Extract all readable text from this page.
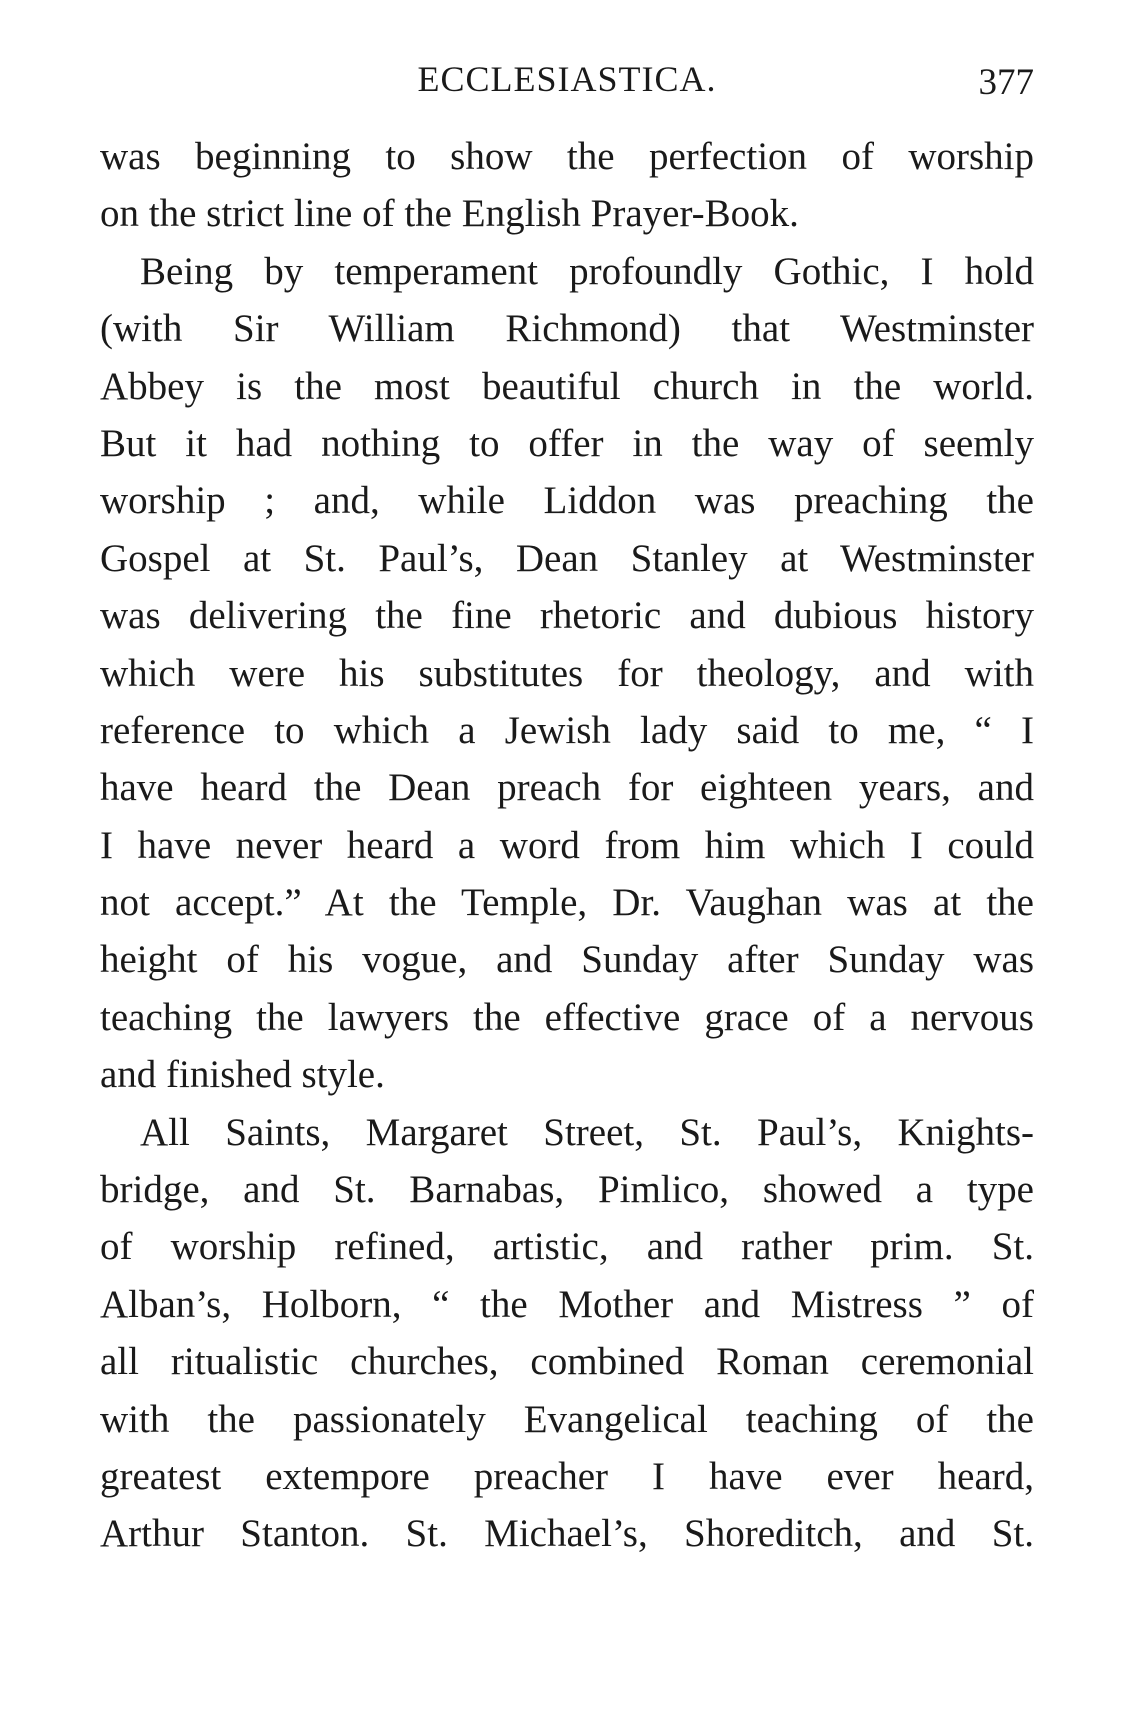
ECCLESIASTICA.	377
was beginning to show the perfection of worship
on the strict line of the English Prayer-Book.
Being by temperament profoundly Gothic, I hold
(with Sir William Richmond) that Westminster
Abbey is the most beautiful church in the world.
But it had nothing to offer in the way of seemly
worship ; and, while Liddon was preaching the
Gospel at St. Paul’s, Dean Stanley at Westminster
was delivering the fine rhetoric and dubious history
which were his substitutes for theology, and with
reference to which a Jewish lady said to me, “ I
have heard the Dean preach for eighteen years, and
I have never heard a word from him which I could
not accept.” At the Temple, Dr. Vaughan was at the
height of his vogue, and Sunday after Sunday was
teaching the lawyers the effective grace of a nervous
and finished style.
All Saints, Margaret Street, St. Paul’s, Knights-
bridge, and St. Barnabas, Pimlico, showed a type
of worship refined, artistic, and rather prim. St.
Alban’s, Holborn, “ the Mother and Mistress ” of
all ritualistic churches, combined Roman ceremonial
with the passionately Evangelical teaching of the
greatest extempore preacher I have ever heard,
Arthur Stanton. St. Michael’s, Shoreditch, and St.
